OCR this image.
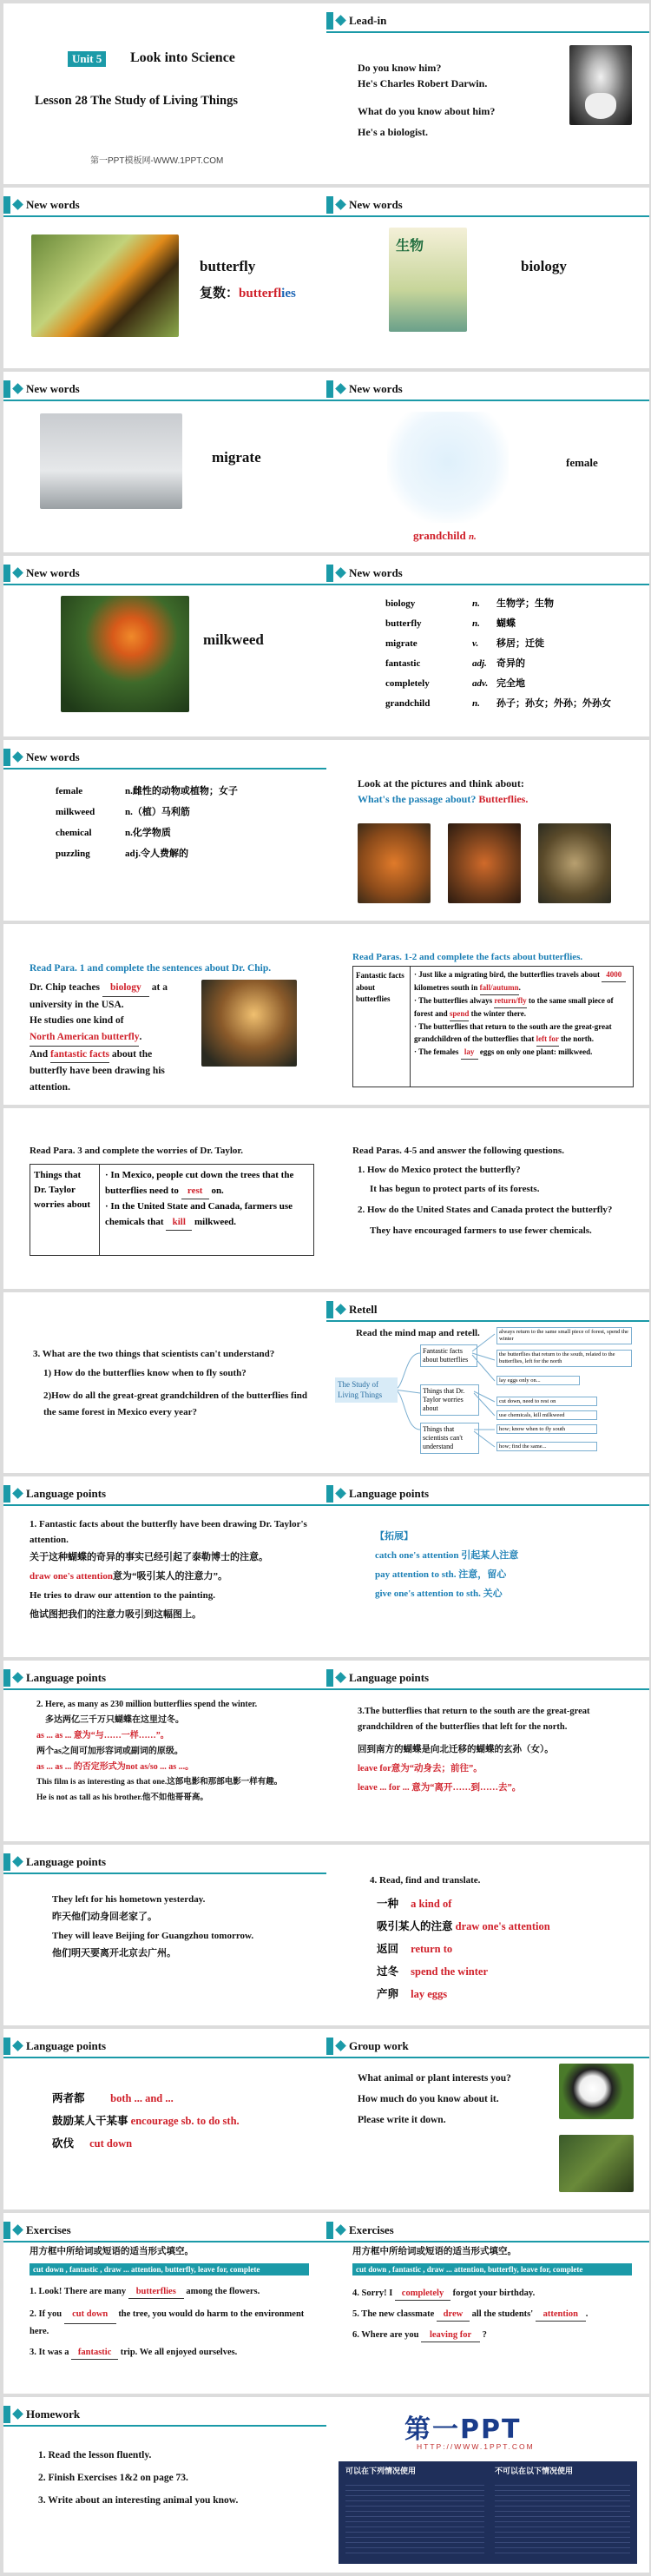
Unit 5	Look into Science
Lesson 28 The Study of Living Things
第一PPT模板网-WWW.1PPT.COM
Lead-in
Do you know him?
He's Charles Robert Darwin.
What do you know about him?
He's a biologist.
New words
butterfly
复数：butterflies
New words
生物
biology
New words
migrate
New words
female
grandchild n.
New words
milkweed
New words
biology	n. 生物学；生物
butterfly	n. 蝴蝶
migrate	v. 移居；迁徙
fantastic	adj. 奇异的
completely	adv. 完全地
grandchild	n. 孙子；孙女；外孙；外孙女
New words
female	n.雌性的动物或植物；女子
milkweed	n.（植）马利筋
chemical	n.化学物质
puzzling	adj.令人费解的
Look at the pictures and think about:
What's the passage about? Butterflies.
Read Para. 1 and complete the sentences about Dr. Chip.
Dr. Chip teaches biology at a
university in the USA.
He studies one kind of
North American butterfly.
And fantastic facts about the
butterfly have been drawing his attention.
Read Paras. 1-2 and complete the facts about butterflies.
Fantastic facts about butterflies
· Just like a migrating bird, the butterflies travels about 4000 kilometres south in fall/autumn.
· The butterflies always return/fly to the same small piece of forest and spend the winter there.
· The butterflies that return to the south are the great-great grandchildren of the butterflies that left for the north.
· The females lay eggs on only one plant: milkweed.
Read Para. 3 and complete the worries of Dr. Taylor.
Things that Dr. Taylor worries about
· In Mexico, people cut down the trees that the butterflies need to rest on.
· In the United State and Canada, farmers use chemicals that kill milkweed.
Read Paras. 4-5 and answer the following questions.
1. How do Mexico protect the butterfly?
It has begun to protect parts of its forests.
2. How do the United States and Canada protect the butterfly?
They have encouraged farmers to use fewer chemicals.
3. What are the two things that scientists can't understand?
1) How do the butterflies know when to fly south?
2)How do all the great-great grandchildren of the butterflies find the same forest in Mexico every year?
Retell
Read the mind map and retell.
The Study of Living Things
Fantastic facts about butterflies
Things that Dr. Taylor worries about
Things that scientists can't understand
always return to the same small piece of forest, spend the winter
the butterflies that return to the south, related to the butterflies, left for the north
lay eggs only on...
cut down, need to rest on
use chemicals, kill milkweed
how; know when to fly south
how; find the same...
Language points
1. Fantastic facts about the butterfly have been drawing Dr. Taylor's attention.
关于这种蝴蝶的奇异的事实已经引起了泰勒博士的注意。
draw one's attention意为“吸引某人的注意力”。
He tries to draw our attention to the painting.
他试图把我们的注意力吸引到这幅图上。
Language points
【拓展】
catch one's attention 引起某人注意
pay attention to sth. 注意，留心
give one's attention to sth. 关心
Language points
2. Here, as many as 230 million butterflies spend the winter.
多达两亿三千万只蝴蝶在这里过冬。
as ... as ... 意为“与……一样……”。
两个as之间可加形容词或副词的原级。
as ... as ... 的否定形式为not as/so ... as ...。
This film is as interesting as that one.这部电影和那部电影一样有趣。
He is not as tall as his brother.他不如他哥哥高。
Language points
3.The butterflies that return to the south are the great-great grandchildren of the butterflies that left for the north.
回到南方的蝴蝶是向北迁移的蝴蝶的玄孙（女）。
leave for意为“动身去；前往”。
leave ... for ... 意为“离开……到……去”。
Language points
They left for his hometown yesterday.
昨天他们动身回老家了。
They will leave Beijing for Guangzhou tomorrow.
他们明天要离开北京去广州。
4. Read, find and translate.
一种 a kind of
吸引某人的注意 draw one's attention
返回 return to
过冬 spend the winter
产卵 lay eggs
Language points
两者都 both ... and ...
鼓励某人干某事 encourage sb. to do sth.
砍伐 cut down
Group work
What animal or plant interests you?
How much do you know about it.
Please write it down.
Exercises
用方框中所给词或短语的适当形式填空。
cut down , fantastic , draw ... attention, butterfly, leave for, complete
1. Look! There are many butterflies among the flowers.
2. If you cut down the tree, you would do harm to the environment here.
3. It was a fantastic trip. We all enjoyed ourselves.
Exercises
用方框中所给词或短语的适当形式填空。
cut down , fantastic , draw ... attention, butterfly, leave for, complete
4. Sorry! I completely forgot your birthday.
5. The new classmate drew all the students' attention .
6. Where are you leaving for ?
Homework
1. Read the lesson fluently.
2. Finish Exercises 1&2 on page 73.
3. Write about an interesting animal you know.
第一PPT
HTTP://WWW.1PPT.COM
可以在下列情况使用	不可以在以下情况使用
